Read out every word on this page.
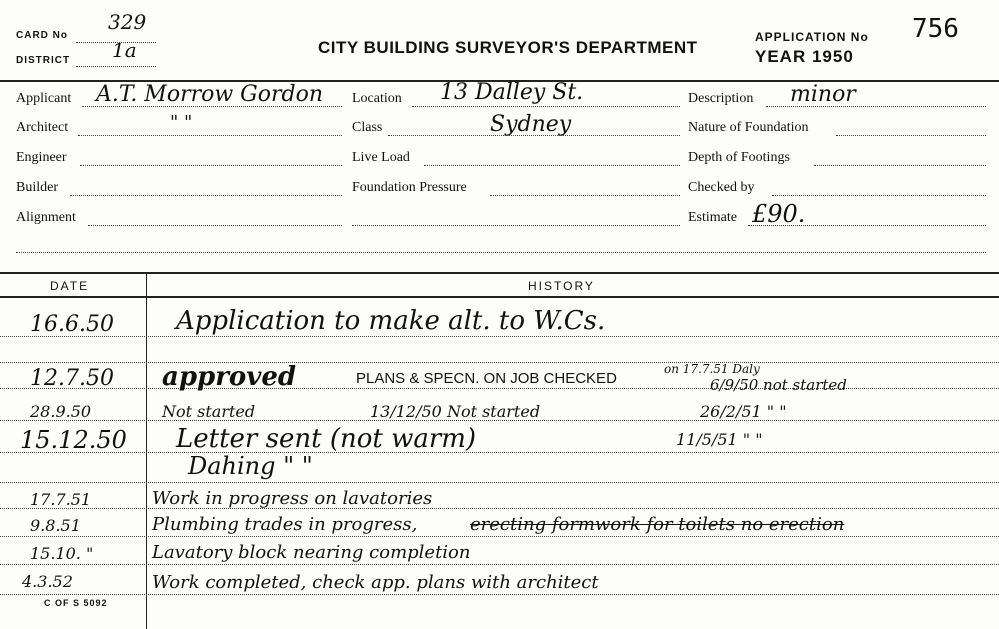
CARD No
329
DISTRICT 1a	CITY BUILDING SURVEYOR'S DEPARTMENT
APPLICATION No 756
YEAR 1950
Applicant A.T. Morrow Gordon
Architect	" "
Engineer
Builder
Alignment
Location 13 Dalley St.
Class	Sydney
Live Load
Foundation Pressure
Description minor
Nature of Foundation
Depth of Footings
Checked by
Estimate £90.
DATE	HISTORY
16.6.50 Application to make alt. to W.Cs.
12.7.50 approved	PLANS & SPECN. ON JOB CHECKED
on 17.7.51 Daly
6/9/50 not started
28.9.50	Not started	13/12/50 Not started	26/2/51 " "
15.12.50 Letter sent (not warm)	11/5/51 " "
Dahing " "
17.7.51	Work in progress on lavatories
9.8.51	Plumbing trades in progress,	erecting formwork for toilets no erection
15.10. "	Lavatory block nearing completion
4.3.52	Work completed, check app. plans with architect
C OF S 5092
